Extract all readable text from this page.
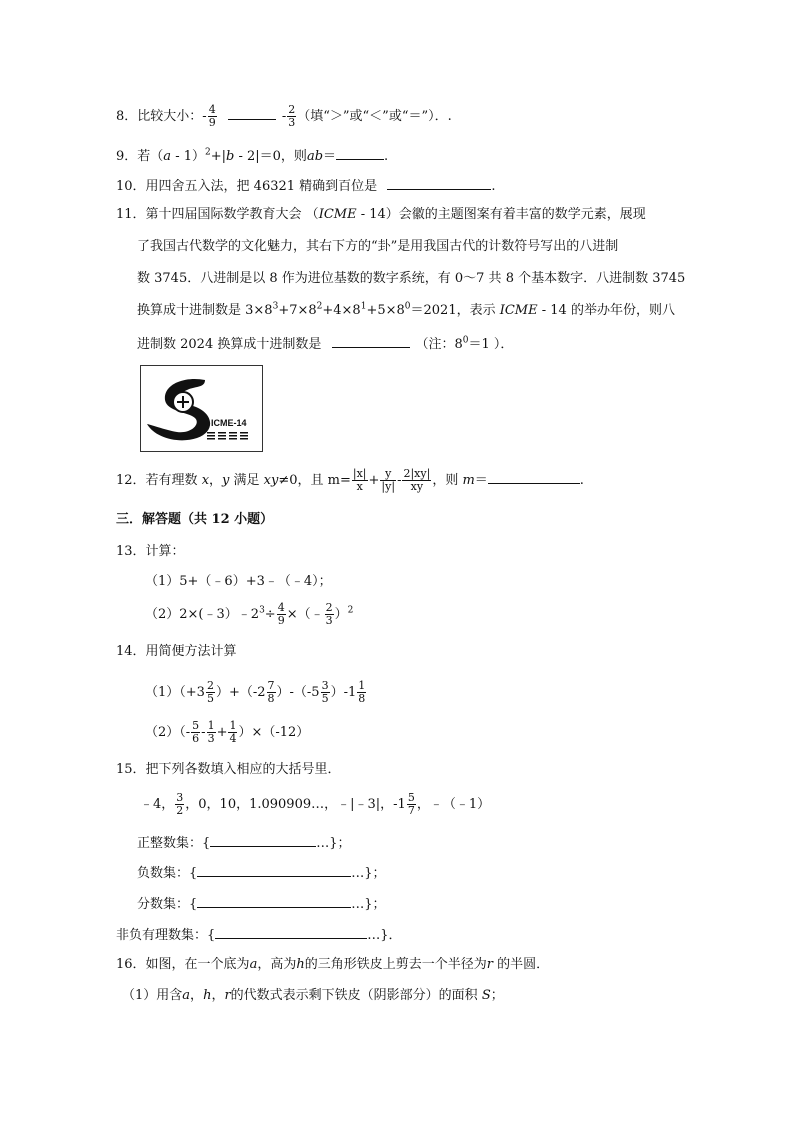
8．比较大小：- $\frac{4}{9}$	- $\frac{2}{3}$ （填“＞”或“＜”或“＝”）．.
9．若（a - 1）$^2$+|b - 2|＝0，则ab＝	.
10．用四舍五入法，把 46321 精确到百位是	.
11．第十四届国际数学教育大会 （ICME - 14）会徽的主题图案有着丰富的数学元素，展现
了我国古代数学的文化魅力，其右下方的“卦”是用我国古代的计数符号写出的八进制
数 3745．八进制是以 8 作为进位基数的数字系统，有 0～7 共 8 个基本数字．八进制数 3745
换算成十进制数是 $3\times 8^3+7\times 8^2+4\times 8^1+5\times 8^0=2021$，表示 ICME - 14 的举办年份，则八
进制数 2024 换算成十进制数是	（注：$8^0=1$ ）．
ICME-14
12．若有理数 x，y 满足 xy≠0，且 $m= \frac{|x|}{x} + \frac{y}{|y|} - \frac{2|xy|}{xy}$ ，则 m＝	.
三．解答题（共 12 小题）
13．计算：
（1）5+（﹣6）+3﹣（﹣4）；
$(2)2\times(﹣3)﹣2^3\div \frac{4}{9}$ ×（﹣ $\frac{2}{3} )^2$
14．用简便方法计算
$(1)(+3 \frac{2}{5} )+(-2 \frac{7}{8} )-(-5 \frac{3}{5} )-1 \frac{1}{8}$
$(2)(- \frac{5}{6} - \frac{1}{3} + \frac{1}{4} )\times(-12)$
15．把下列各数填入相应的大括号里．
﹣4， $\frac{3}{2}$ ，0，10，1.090909…，﹣|﹣3|，$-1 \frac{5}{7}$ ，﹣（﹣1）
正整数集：{	…}；
负数集：{	…}；
分数集：{	…}；
非负有理数集：{	…}．
16．如图，在一个底为a，高为h的三角形铁皮上剪去一个半径为r 的半圆．
（1）用含a，h，r的代数式表示剩下铁皮（阴影部分）的面积 S；
